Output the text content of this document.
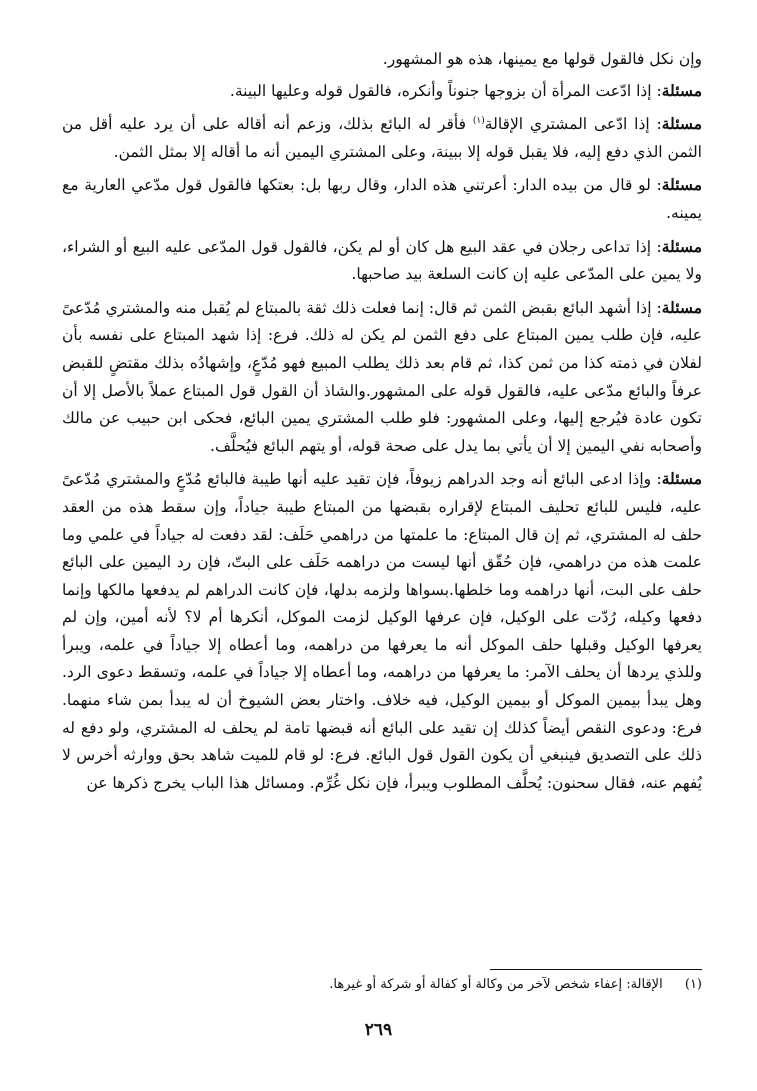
وإن نكل فالقول قولها مع يمينها، هذه هو المشهور.

مسئلة: إذا ادّعت المرأة أن بزوجها جنوناً وأنكره، فالقول قوله وعليها البينة.

مسئلة: إذا ادّعى المشتري الإقالة$^{(١)}$ فأقر له البائع بذلك، وزعم أنه أقاله على أن يرد عليه أقل من الثمن الذي دفع إليه، فلا يقبل قوله إلا ببينة، وعلى المشتري اليمين أنه ما أقاله إلا بمثل الثمن.

مسئلة: لو قال من بيده الدار: أعرتني هذه الدار، وقال ربها بل: بعتكها فالقول قول مدّعي العارية مع يمينه.

مسئلة: إذا تداعى رجلان في عقد البيع هل كان أو لم يكن، فالقول قول المدّعى عليه البيع أو الشراء، ولا يمين على المدّعى عليه إن كانت السلعة بيد صاحبها.

مسئلة: إذا أشهد البائع بقبض الثمن ثم قال: إنما فعلت ذلك ثقة بالمبتاع لم يُقبل منه والمشتري مُدّعىً عليه، فإن طلب يمين المبتاع على دفع الثمن لم يكن له ذلك. فرع: إذا شهد المبتاع على نفسه بأن لفلان في ذمته كذا من ثمن كذا، ثم قام بعد ذلك يطلب المبيع فهو مُدّعٍ، وإشهادُه بذلك مقتضٍ للقبض عرفاً والبائع مدّعى عليه، فالقول قوله على المشهور.والشاذ أن القول قول المبتاع عملاً بالأصل إلا أن تكون عادة فيُرجع إليها، وعلى المشهور: فلو طلب المشتري يمين البائع، فحكى ابن حبيب عن مالك وأصحابه نفي اليمين إلا أن يأتي بما يدل على صحة قوله، أو يتهم البائع فيُحلَّف.

مسئلة: وإذا ادعى البائع أنه وجد الدراهم زيوفاً، فإن تقيد عليه أنها طيبة فالبائع مُدّعٍ والمشتري مُدّعىً عليه، فليس للبائع تحليف المبتاع لإقراره بقبضها من المبتاع طيبة جياداً، وإن سقط هذه من العقد حلف له المشتري، ثم إن قال المبتاع: ما علمتها من دراهمي حَلَف: لقد دفعت له جياداً في علمي وما علمت هذه من دراهمي، فإن حُقّق أنها ليست من دراهمه حَلَف على البتّ، فإن رد اليمين على البائع حلف على البت، أنها دراهمه وما خلطها.بسواها ولزمه بدلها، فإن كانت الدراهم لم يدفعها مالكها وإنما دفعها وكيله، رُدّت على الوكيل، فإن عرفها الوكيل لزمت الموكل، أنكرها أم لا؟ لأنه أمين، وإن لم يعرفها الوكيل وقبلها حلف الموكل أنه ما يعرفها من دراهمه، وما أعطاه إلا جياداً في علمه، ويبرأ وللذي يردها أن يحلف الآمر: ما يعرفها من دراهمه، وما أعطاه إلا جياداً في علمه، وتسقط دعوى الرد. وهل يبدأ بيمين الموكل أو بيمين الوكيل، فيه خلاف. واختار بعض الشيوخ أن له يبدأ بمن شاء منهما. فرع: ودعوى النقص أيضاً كذلك إن تقيد على البائع أنه قبضها تامة لم يحلف له المشتري، ولو دفع له ذلك على التصديق فينبغي أن يكون القول قول البائع. فرع: لو قام للميت شاهد بحق ووارثه أخرس لا يُفهم عنه، فقال سحنون: يُحلَّف المطلوب ويبرأ، فإن نكل غُرِّم. ومسائل هذا الباب يخرج ذكرها عن

(١) الإقالة: إعفاء شخص لآخر من وكالة أو كفالة أو شركة أو غيرها.
٢٦٩
